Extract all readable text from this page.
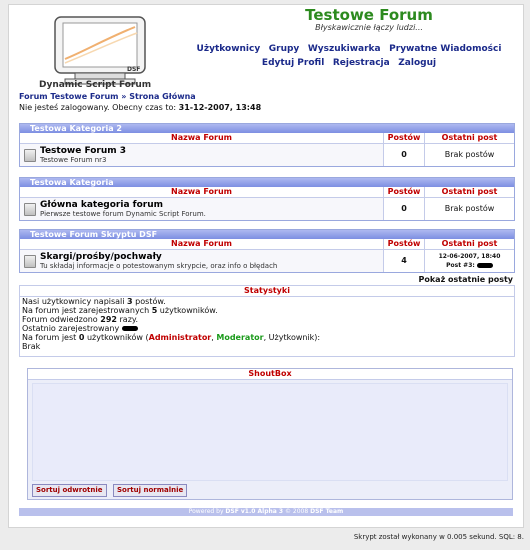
DSF
Dynamic Script Forum
Testowe Forum
Błyskawicznie łączy ludzi...
Użytkownicy Grupy Wyszukiwarka Prywatne Wiadomości
Edytuj Profil Rejestracja Zaloguj
Forum Testowe Forum » Strona Główna
Nie jesteś zalogowany. Obecny czas to: 31-12-2007, 13:48
Testowa Kategoria 2
Nazwa Forum	Postów	Ostatni post
Testowe Forum 3
Testowe Forum nr3
0	Brak postów
Testowa Kategoria
Nazwa Forum	Postów	Ostatni post
Główna kategoria forum
Pierwsze testowe forum Dynamic Script Forum.
0	Brak postów
Testowe Forum Skryptu DSF
Nazwa Forum	Postów	Ostatni post
Skargi/prośby/pochwały
Tu składaj informacje o potestowanym skrypcie, oraz info o błędach
4	12-06-2007, 18:40
Post #3:
Pokaż ostatnie posty
Statystyki
Nasi użytkownicy napisali 3 postów.
Na forum jest zarejestrowanych 5 użytkowników.
Forum odwiedzono 292 razy.
Ostatnio zarejestrowany
Na forum jest 0 użytkowników (Administrator, Moderator, Użytkownik):
Brak
ShoutBox
Sortuj odwrotnie	Sortuj normalnie
Powered by DSF v1.0 Alpha 3 © 2008 DSF Team
Skrypt został wykonany w 0.005 sekund. SQL: 8.
